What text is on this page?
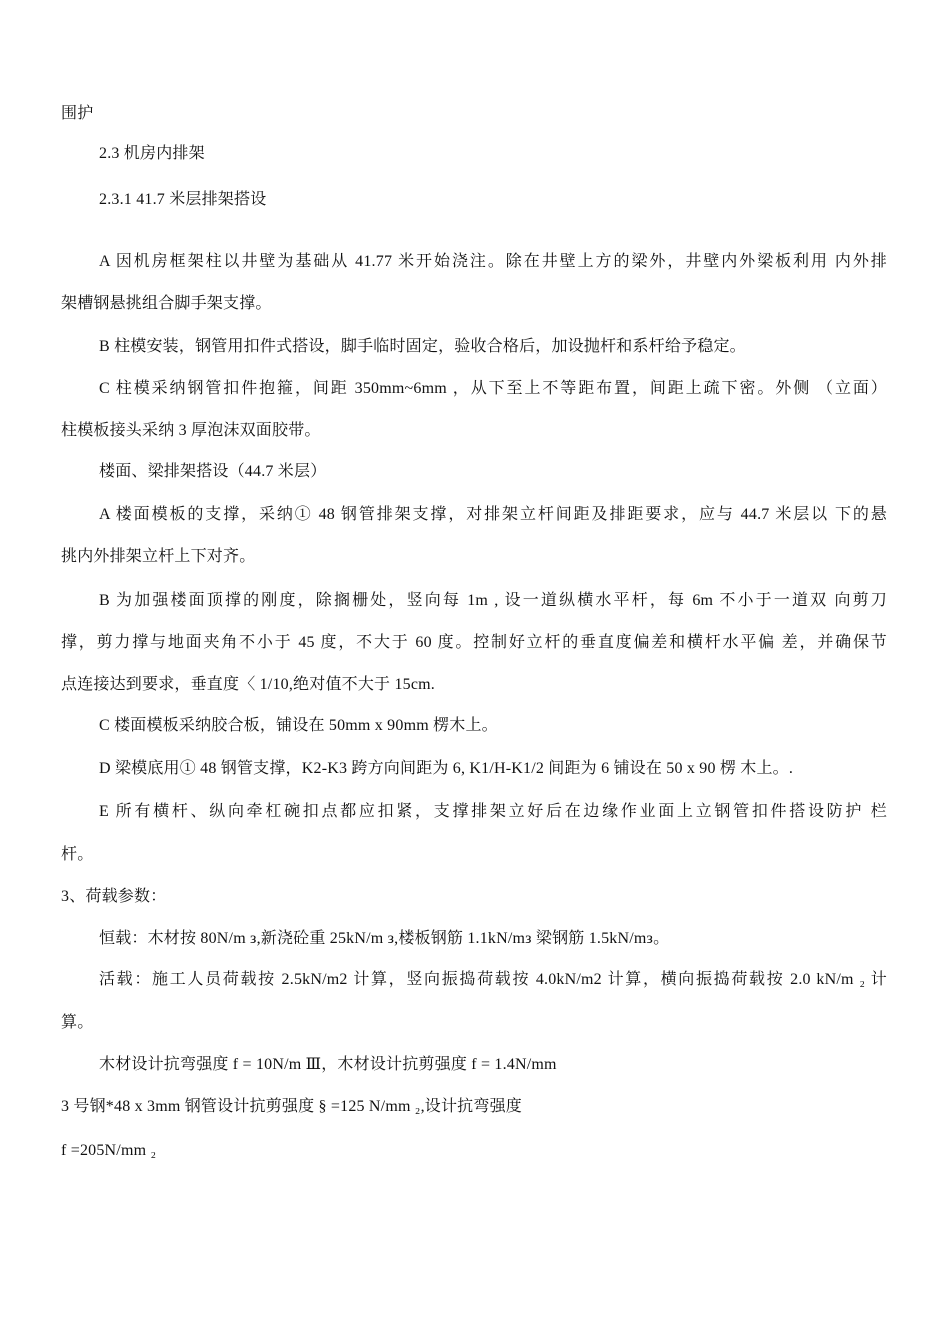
围护
2.3 机房内排架
2.3.1 41.7 米层排架搭设
A 因机房框架柱以井壁为基础从 41.77 米开始浇注。除在井壁上方的梁外，井壁内外梁板利用 内外排
架槽钢悬挑组合脚手架支撑。
B 柱模安装，钢管用扣件式搭设，脚手临时固定，验收合格后，加设抛杆和系杆给予稳定。
C 柱模采纳钢管扣件抱箍，间距 350mm~6mm ，从下至上不等距布置，间距上疏下密。外侧 （立面）
柱模板接头采纳 3 厚泡沫双面胶带。
楼面、梁排架搭设（44.7 米层）
A 楼面模板的支撑，采纳① 48 钢管排架支撑，对排架立杆间距及排距要求，应与 44.7 米层以 下的悬
挑内外排架立杆上下对齐。
B 为加强楼面顶撑的刚度，除搁栅处，竖向每 1m , 设一道纵横水平杆，每 6m 不小于一道双 向剪刀
撑，剪力撑与地面夹角不小于 45 度，不大于 60 度。控制好立杆的垂直度偏差和横杆水平偏 差，并确保节
点连接达到要求，垂直度〈 1/10,绝对值不大于 15cm.
C 楼面模板采纳胶合板，铺设在 50mm x 90mm 楞木上。
D 梁模底用① 48 钢管支撑，K2-K3 跨方向间距为 6, K1/H-K1/2 间距为 6 铺设在 50 x 90 楞 木上。.
E 所有横杆、纵向牵杠碗扣点都应扣紧，支撑排架立好后在边缘作业面上立钢管扣件搭设防护 栏
杆。
3、荷载参数：
恒载：木材按 80N/m з,新浇砼重 25kN/m з,楼板钢筋 1.1kN/mз 梁钢筋 1.5kN/mз。
活载：施工人员荷载按 2.5kN/m2 计算，竖向振捣荷载按 4.0kN/m2 计算，横向振捣荷载按 2.0 kN/m ₂ 计
算。
木材设计抗弯强度 f = 10N/m Ⅲ，木材设计抗剪强度 f = 1.4N/mm
3 号钢*48 x 3mm 钢管设计抗剪强度 § =125 N/mm ₂,设计抗弯强度
f =205N/mm ₂
